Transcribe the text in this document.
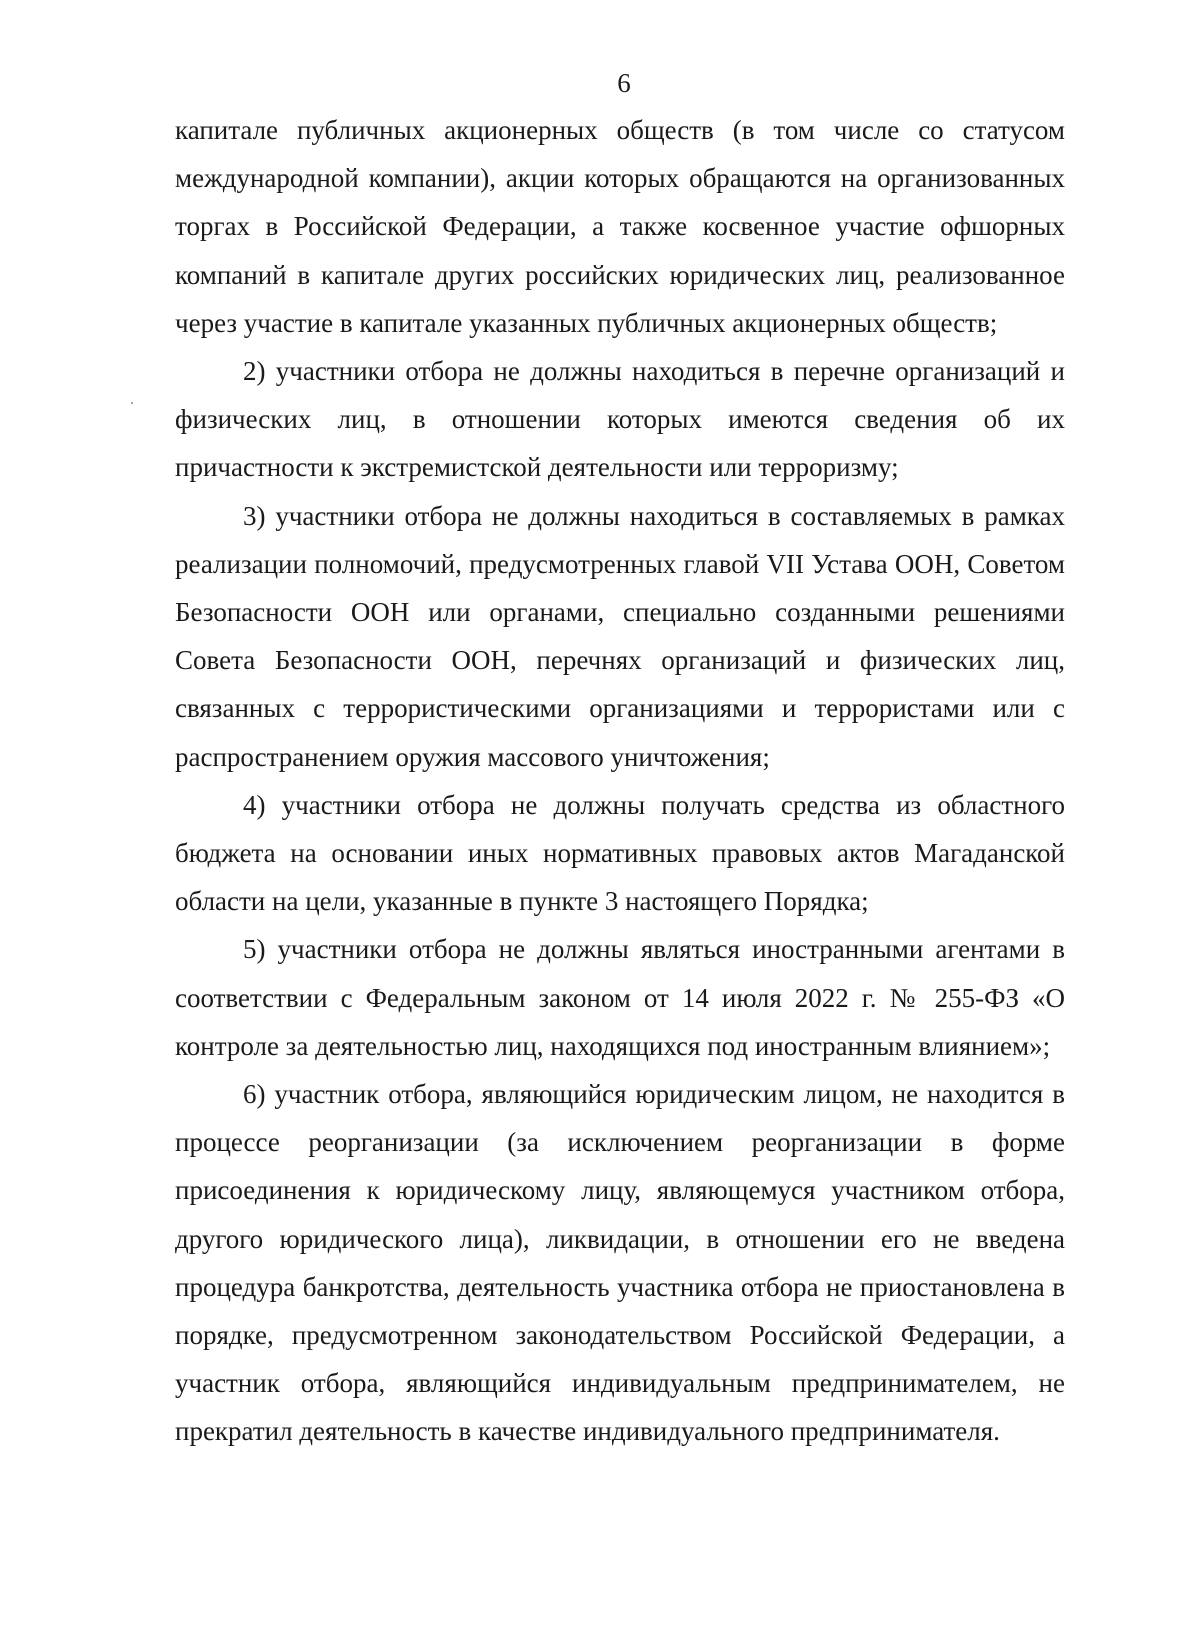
6

капитале публичных акционерных обществ (в том числе со статусом международной компании), акции которых обращаются на организованных торгах в Российской Федерации, а также косвенное участие офшорных компаний в капитале других российских юридических лиц, реализованное через участие в капитале указанных публичных акционерных обществ;

2) участники отбора не должны находиться в перечне организаций и физических лиц, в отношении которых имеются сведения об их причастности к экстремистской деятельности или терроризму;

3) участники отбора не должны находиться в составляемых в рамках реализации полномочий, предусмотренных главой VII Устава ООН, Советом Безопасности ООН или органами, специально созданными решениями Совета Безопасности ООН, перечнях организаций и физических лиц, связанных с террористическими организациями и террористами или с распространением оружия массового уничтожения;

4) участники отбора не должны получать средства из областного бюджета на основании иных нормативных правовых актов Магаданской области на цели, указанные в пункте 3 настоящего Порядка;

5) участники отбора не должны являться иностранными агентами в соответствии с Федеральным законом от 14 июля 2022 г. № 255-ФЗ «О контроле за деятельностью лиц, находящихся под иностранным влиянием»;

6) участник отбора, являющийся юридическим лицом, не находится в процессе реорганизации (за исключением реорганизации в форме присоединения к юридическому лицу, являющемуся участником отбора, другого юридического лица), ликвидации, в отношении его не введена процедура банкротства, деятельность участника отбора не приостановлена в порядке, предусмотренном законодательством Российской Федерации, а участник отбора, являющийся индивидуальным предпринимателем, не прекратил деятельность в качестве индивидуального предпринимателя.
